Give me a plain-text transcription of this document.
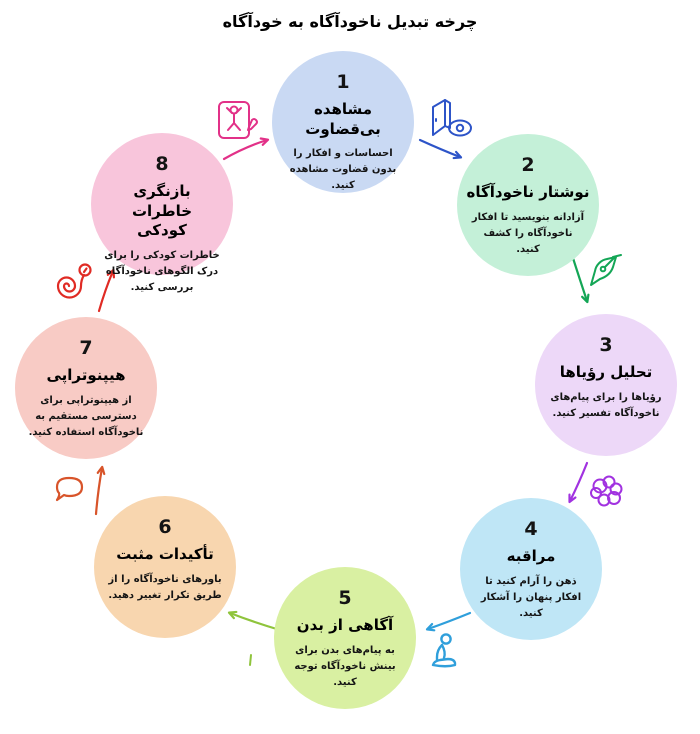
چرخه تبدیل ناخودآگاه به خودآگاه
1
مشاهده بی‌قضاوت
احساسات و افکار را بدون قضاوت مشاهده کنید.
2
نوشتار ناخودآگاه
آزادانه بنویسید تا افکار ناخودآگاه را کشف کنید.
3
تحلیل رؤیاها
رؤیاها را برای پیام‌های ناخودآگاه تفسیر کنید.
4
مراقبه
ذهن را آرام کنید تا افکار پنهان را آشکار کنید.
5
آگاهی از بدن
به پیام‌های بدن برای بینش ناخودآگاه توجه کنید.
6
تأکیدات مثبت
باورهای ناخودآگاه را از طریق تکرار تغییر دهید.
7
هیپنوتراپی
از هیپنوتراپی برای دسترسی مستقیم به ناخودآگاه استفاده کنید.
8
بازنگری خاطرات کودکی
خاطرات کودکی را برای درک الگوهای ناخودآگاه بررسی کنید.
